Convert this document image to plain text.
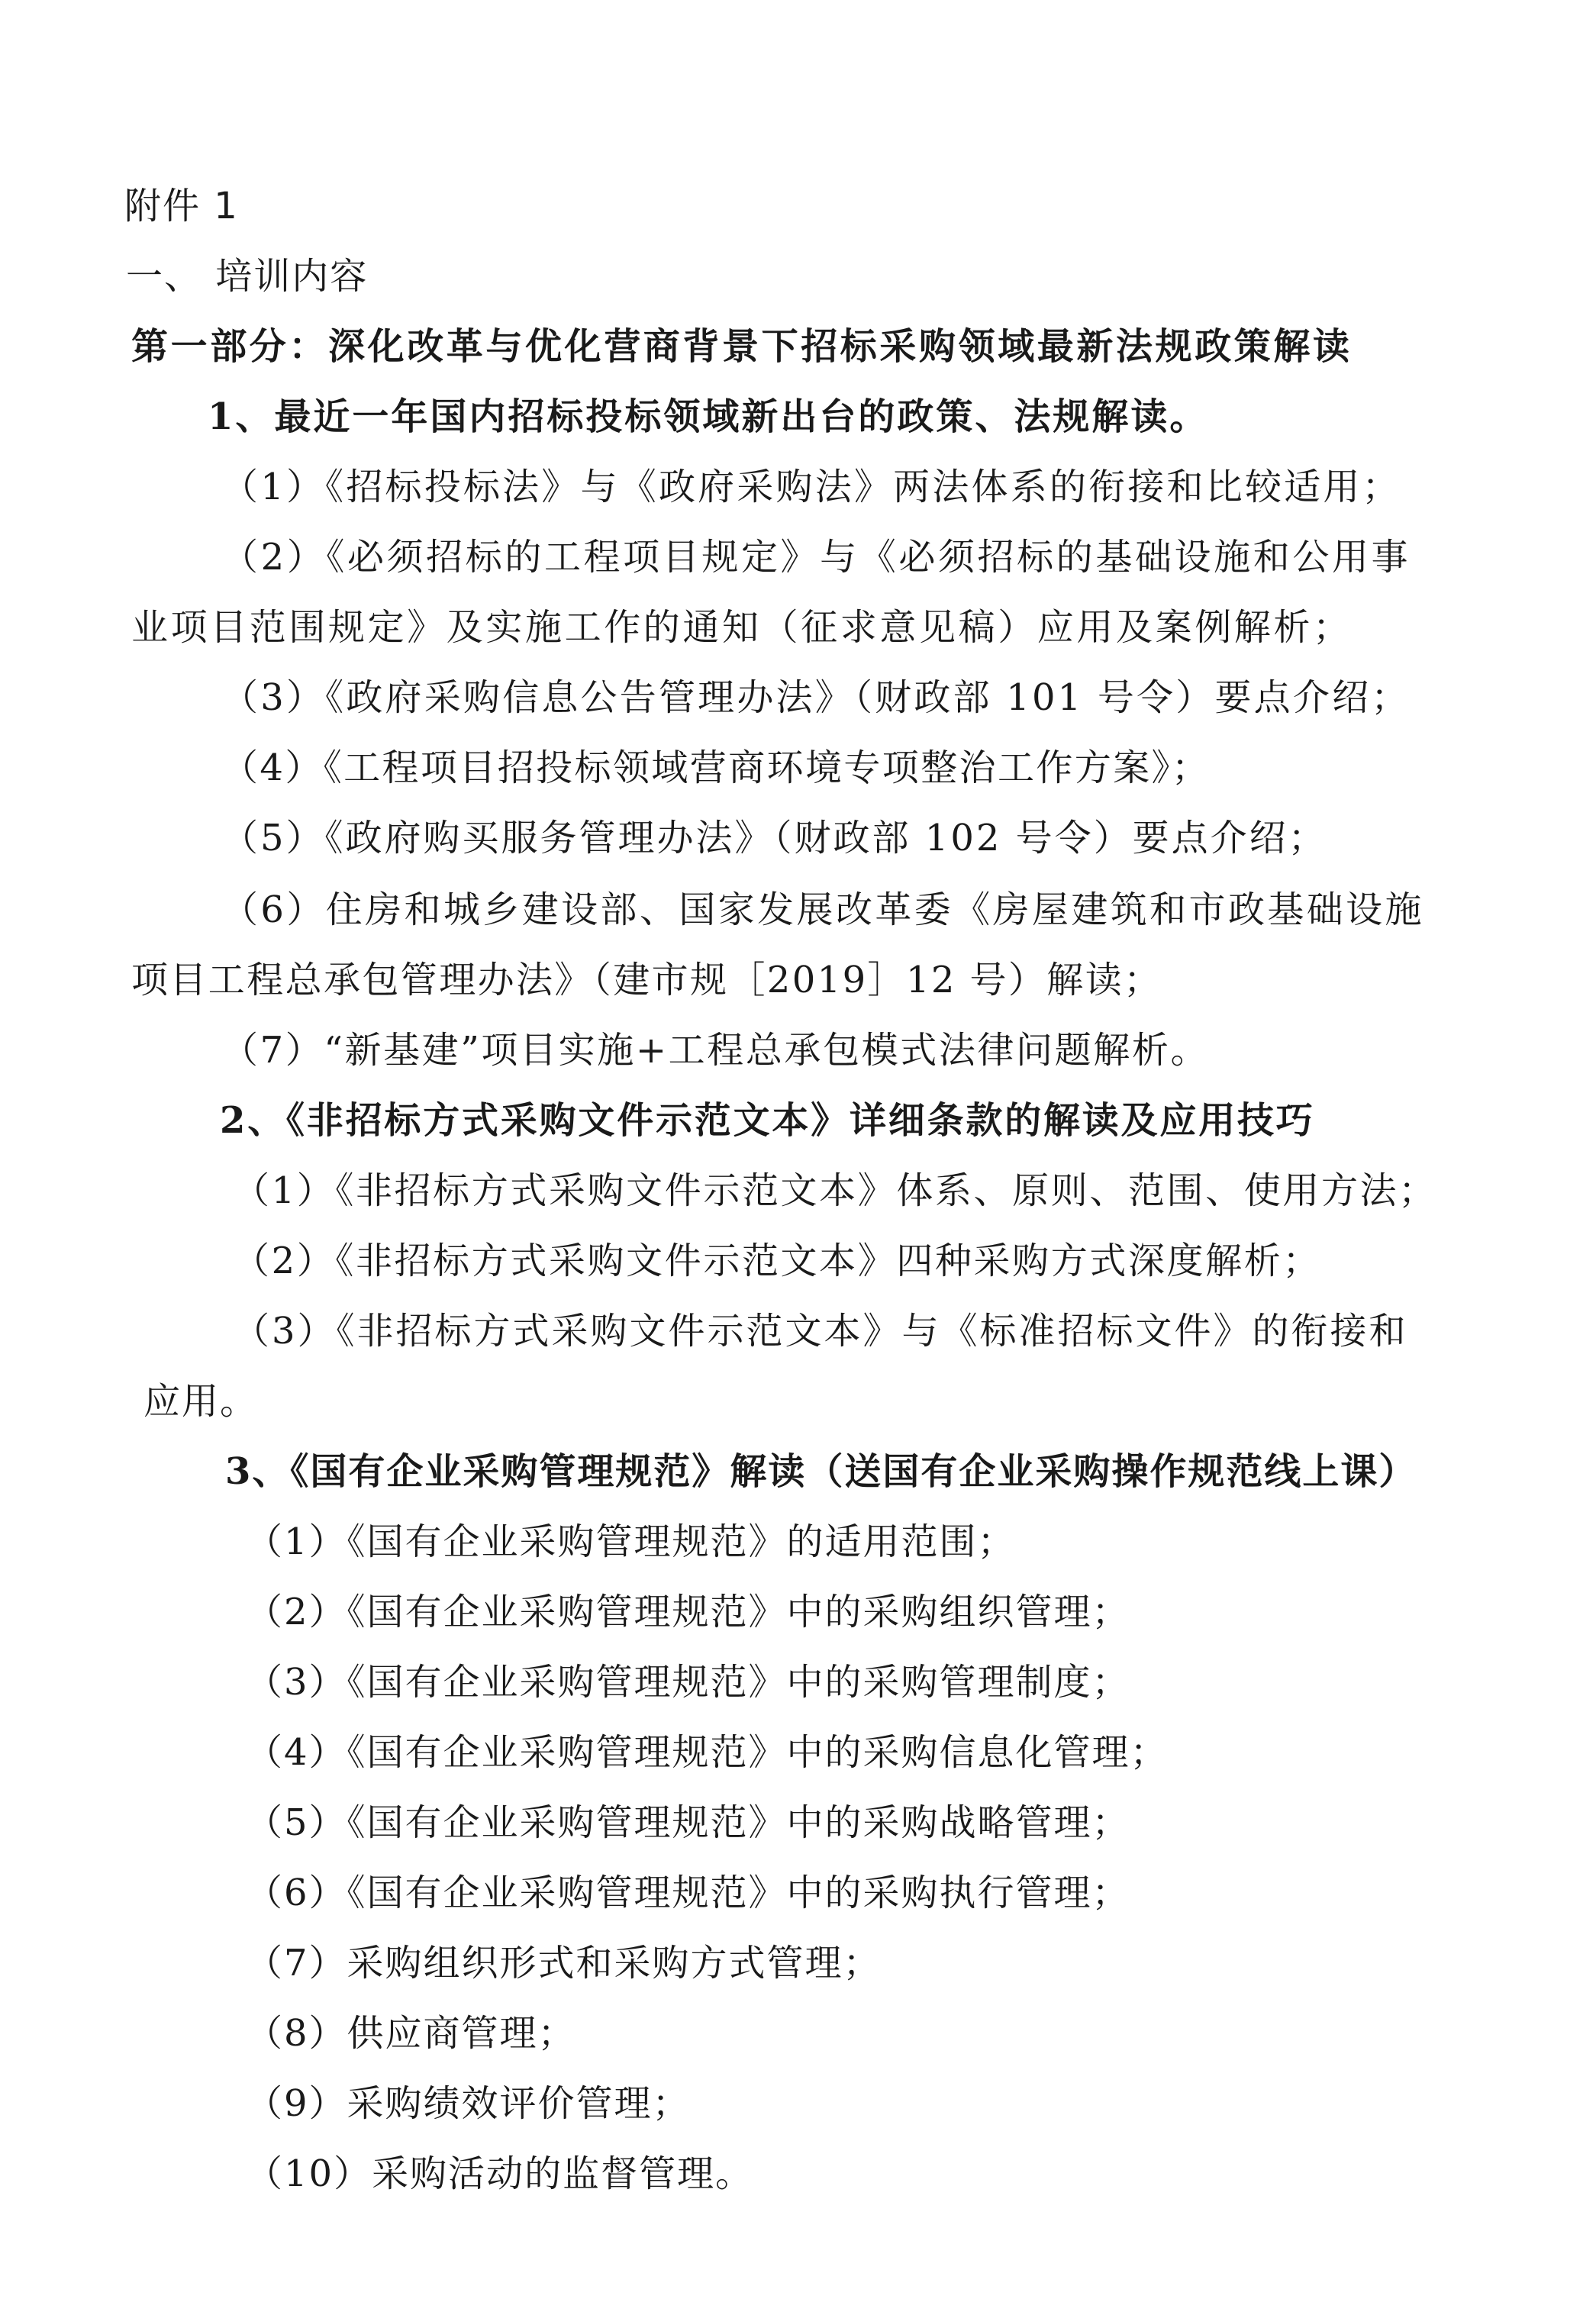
附件 1
一、 培训内容
第一部分：深化改革与优化营商背景下招标采购领域最新法规政策解读
1、最近一年国内招标投标领域新出台的政策、法规解读。
（1）《招标投标法》与《政府采购法》两法体系的衔接和比较适用；
（2）《必须招标的工程项目规定》与《必须招标的基础设施和公用事
业项目范围规定》及实施工作的通知（征求意见稿）应用及案例解析；
（3）《政府采购信息公告管理办法》（财政部 101 号令）要点介绍；
（4）《工程项目招投标领域营商环境专项整治工作方案》；
（5）《政府购买服务管理办法》（财政部 102 号令）要点介绍；
（6）住房和城乡建设部、国家发展改革委《房屋建筑和市政基础设施
项目工程总承包管理办法》（建市规［2019］12 号）解读；
（7）“新基建”项目实施+工程总承包模式法律问题解析。
2、《非招标方式采购文件示范文本》详细条款的解读及应用技巧
（1）《非招标方式采购文件示范文本》体系、原则、范围、使用方法；
（2）《非招标方式采购文件示范文本》四种采购方式深度解析；
（3）《非招标方式采购文件示范文本》与《标准招标文件》的衔接和
应用。
3、《国有企业采购管理规范》解读（送国有企业采购操作规范线上课）
（1）《国有企业采购管理规范》的适用范围；
（2）《国有企业采购管理规范》中的采购组织管理；
（3）《国有企业采购管理规范》中的采购管理制度；
（4）《国有企业采购管理规范》中的采购信息化管理；
（5）《国有企业采购管理规范》中的采购战略管理；
（6）《国有企业采购管理规范》中的采购执行管理；
（7）采购组织形式和采购方式管理；
（8）供应商管理；
（9）采购绩效评价管理；
（10）采购活动的监督管理。
